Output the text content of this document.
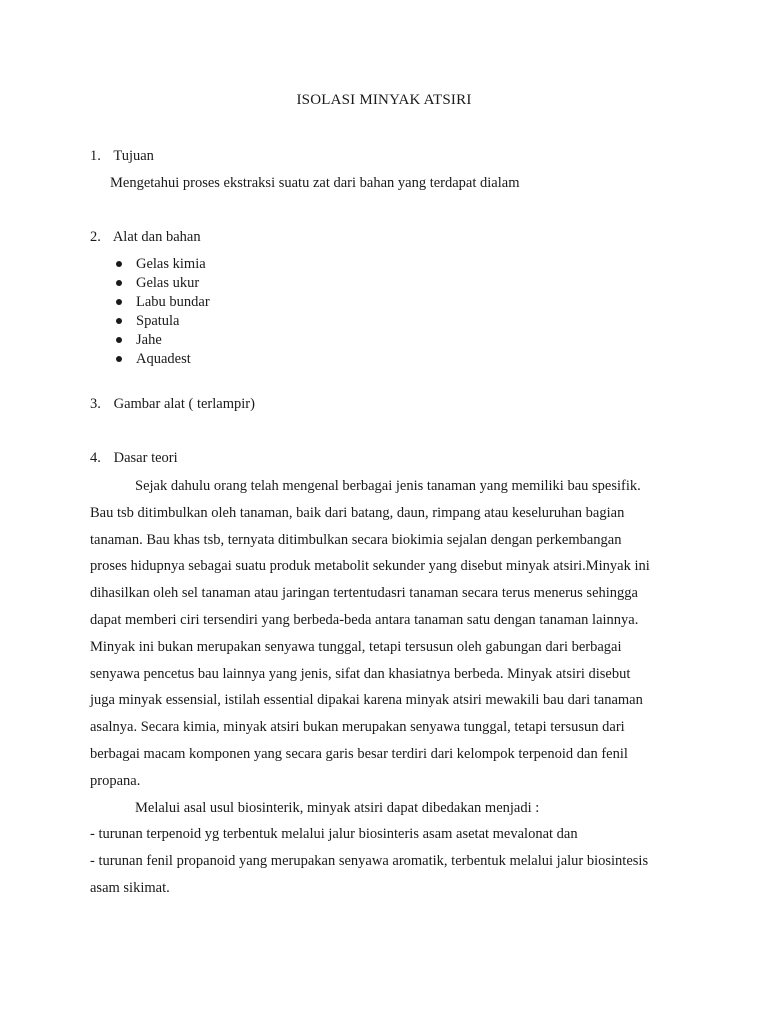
ISOLASI MINYAK ATSIRI
1. Tujuan
Mengetahui proses ekstraksi suatu zat dari bahan yang terdapat dialam
2. Alat dan bahan
Gelas kimia
Gelas ukur
Labu bundar
Spatula
Jahe
Aquadest
3. Gambar alat ( terlampir)
4. Dasar teori
Sejak dahulu orang telah mengenal berbagai jenis tanaman yang memiliki bau spesifik.
Bau tsb ditimbulkan oleh tanaman, baik dari batang, daun, rimpang atau keseluruhan bagian
tanaman. Bau khas tsb, ternyata ditimbulkan secara biokimia sejalan dengan perkembangan
proses hidupnya sebagai suatu produk metabolit sekunder yang disebut minyak atsiri.Minyak ini
dihasilkan oleh sel tanaman atau jaringan tertentudasri tanaman secara terus menerus sehingga
dapat memberi ciri tersendiri yang berbeda-beda antara tanaman satu dengan tanaman lainnya.
Minyak ini bukan merupakan senyawa tunggal, tetapi tersusun oleh gabungan dari berbagai
senyawa pencetus bau lainnya yang jenis, sifat dan khasiatnya berbeda. Minyak atsiri disebut
juga minyak essensial, istilah essential dipakai karena minyak atsiri mewakili bau dari tanaman
asalnya. Secara kimia, minyak atsiri bukan merupakan senyawa tunggal, tetapi tersusun dari
berbagai macam komponen yang secara garis besar terdiri dari kelompok terpenoid dan fenil
propana.
Melalui asal usul biosinterik, minyak atsiri dapat dibedakan menjadi :
- turunan terpenoid yg terbentuk melalui jalur biosinteris asam asetat mevalonat dan
- turunan fenil propanoid yang merupakan senyawa aromatik, terbentuk melalui jalur biosintesis
asam sikimat.
